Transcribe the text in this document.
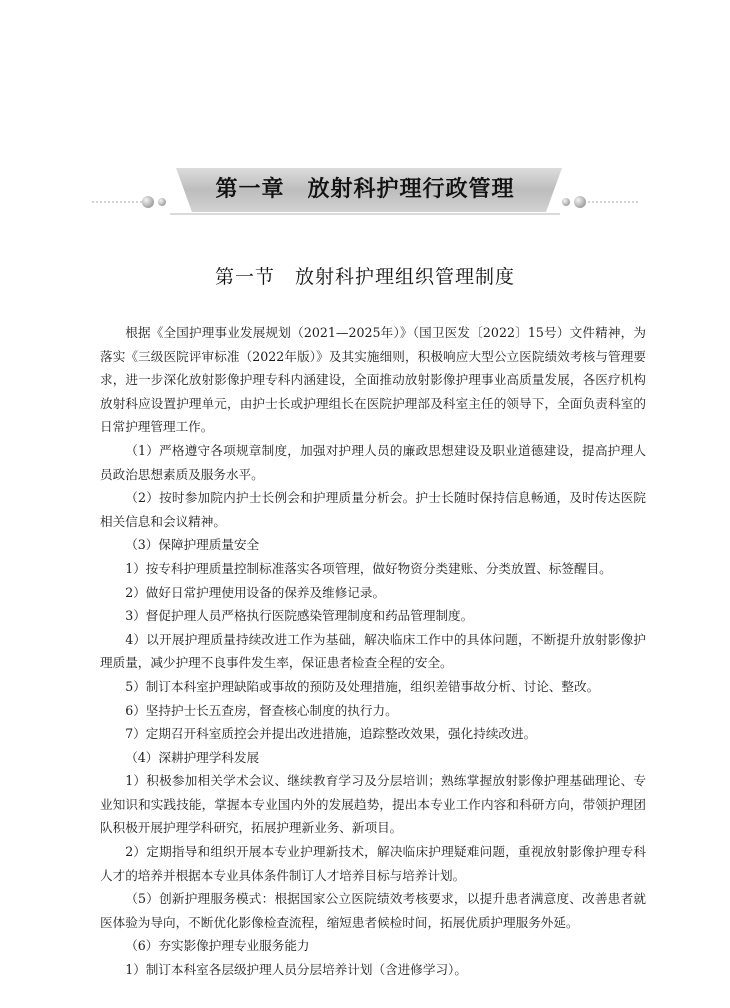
第一章　放射科护理行政管理
第一节　放射科护理组织管理制度

根据《全国护理事业发展规划（2021—2025年）》（国卫医发〔2022〕15号）文件精神，为落实《三级医院评审标准（2022年版）》及其实施细则，积极响应大型公立医院绩效考核与管理要求，进一步深化放射影像护理专科内涵建设，全面推动放射影像护理事业高质量发展，各医疗机构放射科应设置护理单元，由护士长或护理组长在医院护理部及科室主任的领导下，全面负责科室的日常护理管理工作。

（1）严格遵守各项规章制度，加强对护理人员的廉政思想建设及职业道德建设，提高护理人员政治思想素质及服务水平。

（2）按时参加院内护士长例会和护理质量分析会。护士长随时保持信息畅通，及时传达医院相关信息和会议精神。

（3）保障护理质量安全

1）按专科护理质量控制标准落实各项管理，做好物资分类建账、分类放置、标签醒目。

2）做好日常护理使用设备的保养及维修记录。

3）督促护理人员严格执行医院感染管理制度和药品管理制度。

4）以开展护理质量持续改进工作为基础，解决临床工作中的具体问题，不断提升放射影像护理质量，减少护理不良事件发生率，保证患者检查全程的安全。

5）制订本科室护理缺陷或事故的预防及处理措施，组织差错事故分析、讨论、整改。

6）坚持护士长五查房，督查核心制度的执行力。

7）定期召开科室质控会并提出改进措施，追踪整改效果，强化持续改进。

（4）深耕护理学科发展

1）积极参加相关学术会议、继续教育学习及分层培训；熟练掌握放射影像护理基础理论、专业知识和实践技能，掌握本专业国内外的发展趋势，提出本专业工作内容和科研方向，带领护理团队积极开展护理学科研究，拓展护理新业务、新项目。

2）定期指导和组织开展本专业护理新技术，解决临床护理疑难问题，重视放射影像护理专科人才的培养并根据本专业具体条件制订人才培养目标与培养计划。

（5）创新护理服务模式：根据国家公立医院绩效考核要求，以提升患者满意度、改善患者就医体验为导向，不断优化影像检查流程，缩短患者候检时间，拓展优质护理服务外延。

（6）夯实影像护理专业服务能力

1）制订本科室各层级护理人员分层培养计划（含进修学习）。
